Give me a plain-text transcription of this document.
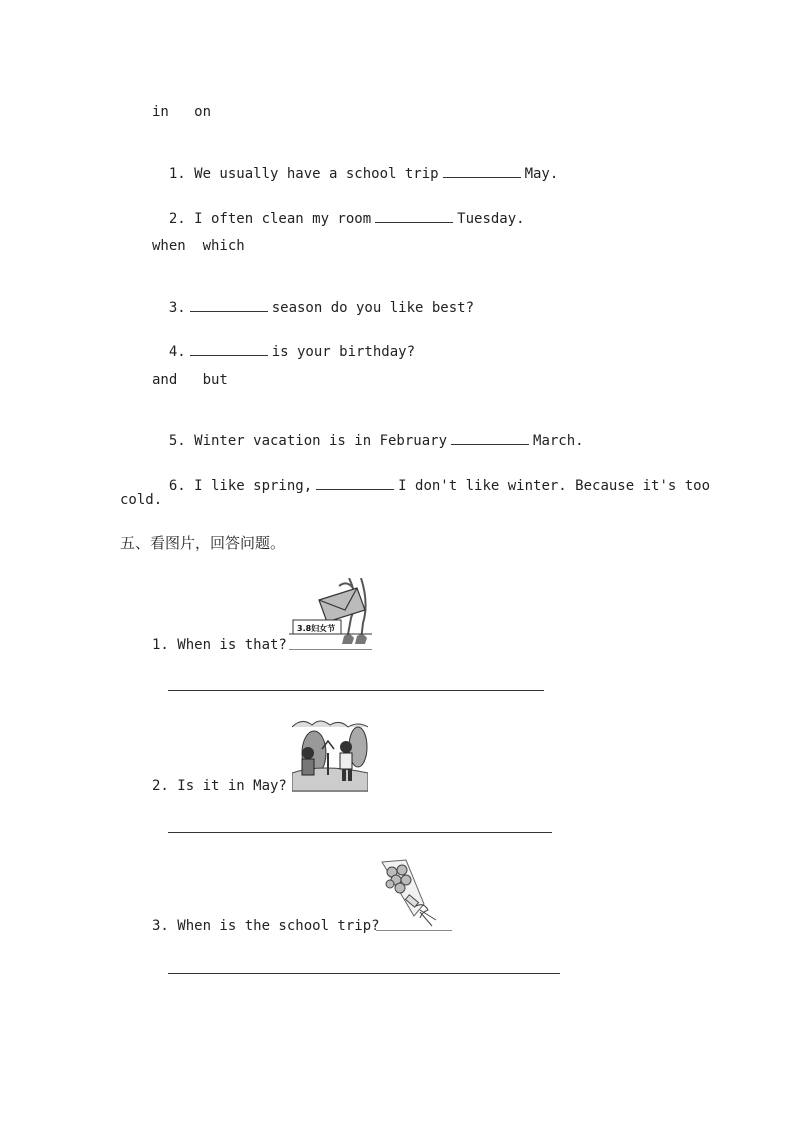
in   on

1. We usually have a school trip	May.

2. I often clean my room	Tuesday.

when  which

3.	season do you like best?

4.	is your birthday?

and   but

5. Winter vacation is in February	March.

6. I like spring,	I don't like winter. Because it's too

cold.
五、看图片，回答问题。
3.8妇女节
1. When is that?
2. Is it in May?
3. When is the school trip?
